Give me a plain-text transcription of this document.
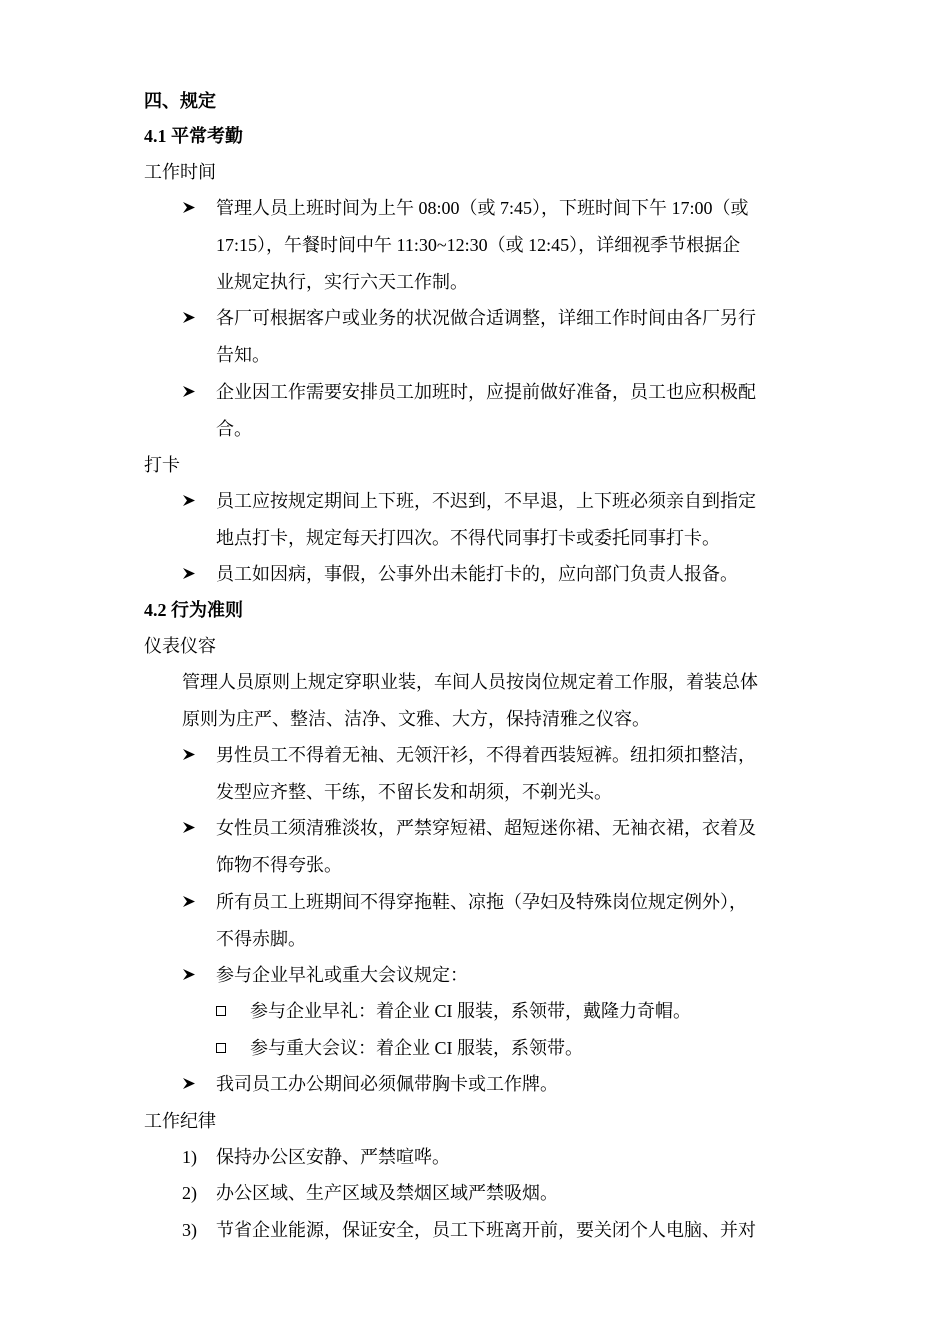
四、规定
4.1 平常考勤
工作时间
管理人员上班时间为上午 08:00（或 7:45），下班时间下午 17:00（或
17:15），午餐时间中午 11:30~12:30（或 12:45），详细视季节根据企
业规定执行，实行六天工作制。
各厂可根据客户或业务的状况做合适调整，详细工作时间由各厂另行
告知。
企业因工作需要安排员工加班时，应提前做好准备，员工也应积极配
合。
打卡
员工应按规定期间上下班，不迟到，不早退，上下班必须亲自到指定
地点打卡，规定每天打四次。不得代同事打卡或委托同事打卡。
员工如因病，事假，公事外出未能打卡的，应向部门负责人报备。
4.2 行为准则
仪表仪容
管理人员原则上规定穿职业装，车间人员按岗位规定着工作服，着装总体
原则为庄严、整洁、洁净、文雅、大方，保持清雅之仪容。
男性员工不得着无袖、无领汗衫，不得着西装短裤。纽扣须扣整洁，
发型应齐整、干练，不留长发和胡须，不剃光头。
女性员工须清雅淡妆，严禁穿短裙、超短迷你裙、无袖衣裙，衣着及
饰物不得夸张。
所有员工上班期间不得穿拖鞋、凉拖（孕妇及特殊岗位规定例外），
不得赤脚。
参与企业早礼或重大会议规定：
参与企业早礼：着企业 CI 服装，系领带，戴隆力奇帽。
参与重大会议：着企业 CI 服装，系领带。
我司员工办公期间必须佩带胸卡或工作牌。
工作纪律
1) 保持办公区安静、严禁喧哗。
2) 办公区域、生产区域及禁烟区域严禁吸烟。
3) 节省企业能源，保证安全，员工下班离开前，要关闭个人电脑、并对
